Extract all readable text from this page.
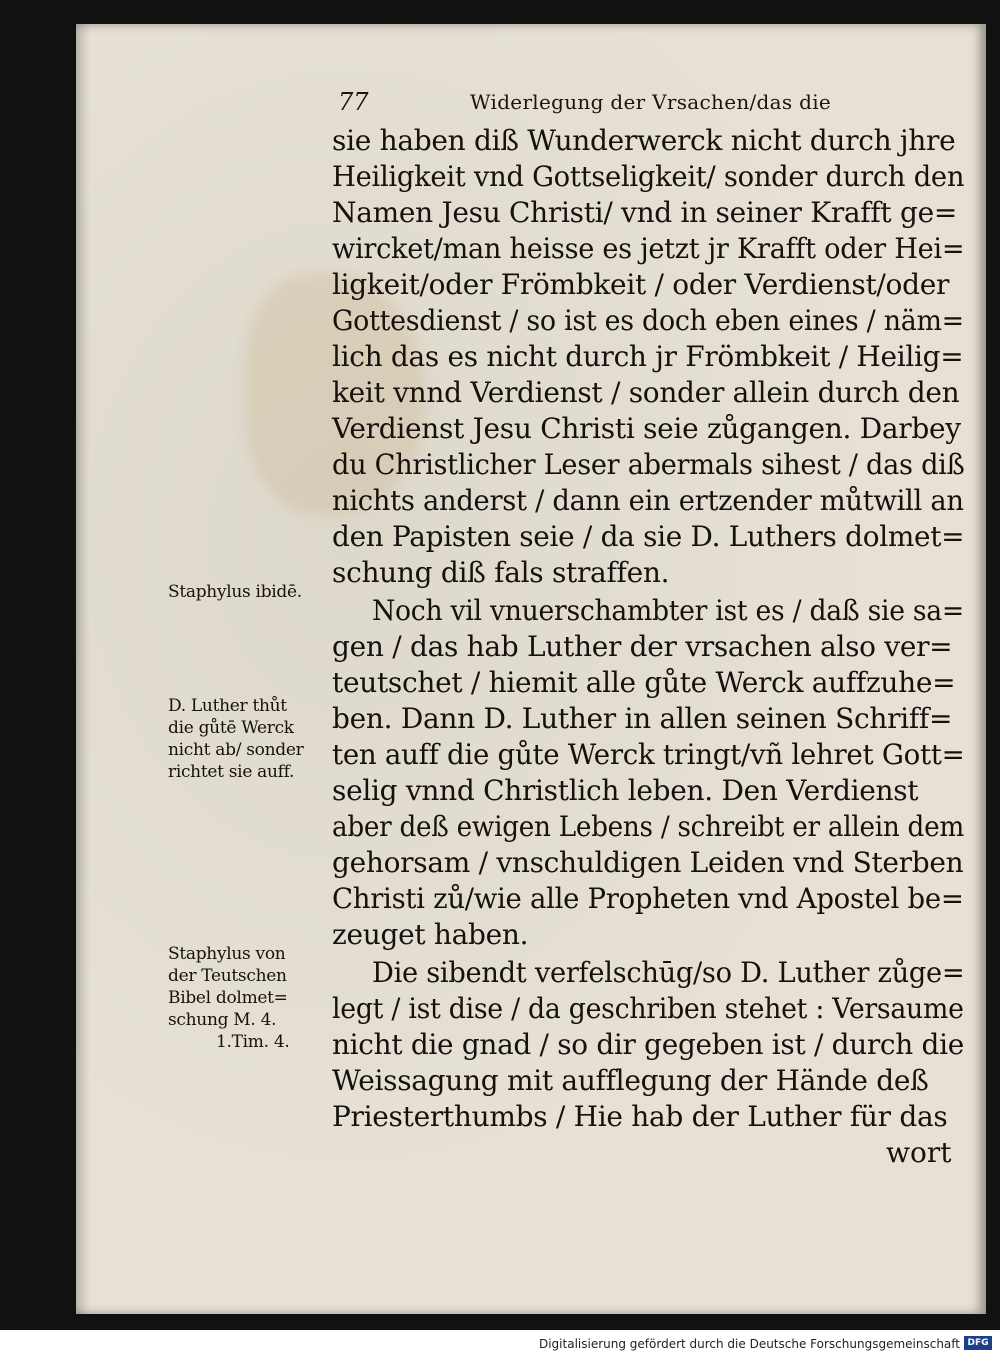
77	Widerlegung der Vrsachen/das die
sie haben diß Wunderwerck nicht durch jhre
Heiligkeit vnd Gottseligkeit/ sonder durch den
Namen Jesu Christi/ vnd in seiner Krafft ge=
wircket/man heisse es jetzt jr Krafft oder Hei=
ligkeit/oder Frömbkeit / oder Verdienst/oder
Gottesdienst / so ist es doch eben eines / näm=
lich das es nicht durch jr Frömbkeit / Heilig=
keit vnnd Verdienst / sonder allein durch den
Verdienst Jesu Christi seie zůgangen. Darbey
du Christlicher Leser abermals sihest / das diß
nichts anderst / dann ein ertzender můtwill an
den Papisten seie / da sie D. Luthers dolmet=
schung diß fals straffen.
Noch vil vnuerschambter ist es / daß sie sa=
gen / das hab Luther der vrsachen also ver=
teutschet / hiemit alle gůte Werck auffzuhe=
ben. Dann D. Luther in allen seinen Schriff=
ten auff die gůte Werck tringt/vñ lehret Gott=
selig vnnd Christlich leben. Den Verdienst
aber deß ewigen Lebens / schreibt er allein dem
gehorsam / vnschuldigen Leiden vnd Sterben
Christi zů/wie alle Propheten vnd Apostel be=
zeuget haben.
Die sibendt verfelschūg/so D. Luther zůge=
legt / ist dise / da geschriben stehet : Versaume
nicht die gnad / so dir gegeben ist / durch die
Weissagung mit aufflegung der Hände deß
Priesterthumbs / Hie hab der Luther für das
Staphylus ibidē.
D. Luther thůt
die gůtē Werck
nicht ab/ sonder
richtet sie auff.
Staphylus von
der Teutschen
Bibel dolmet=
schung M. 4.
1.Tim. 4.
wort
Digitalisierung gefördert durch die Deutsche Forschungsgemeinschaft DFG
